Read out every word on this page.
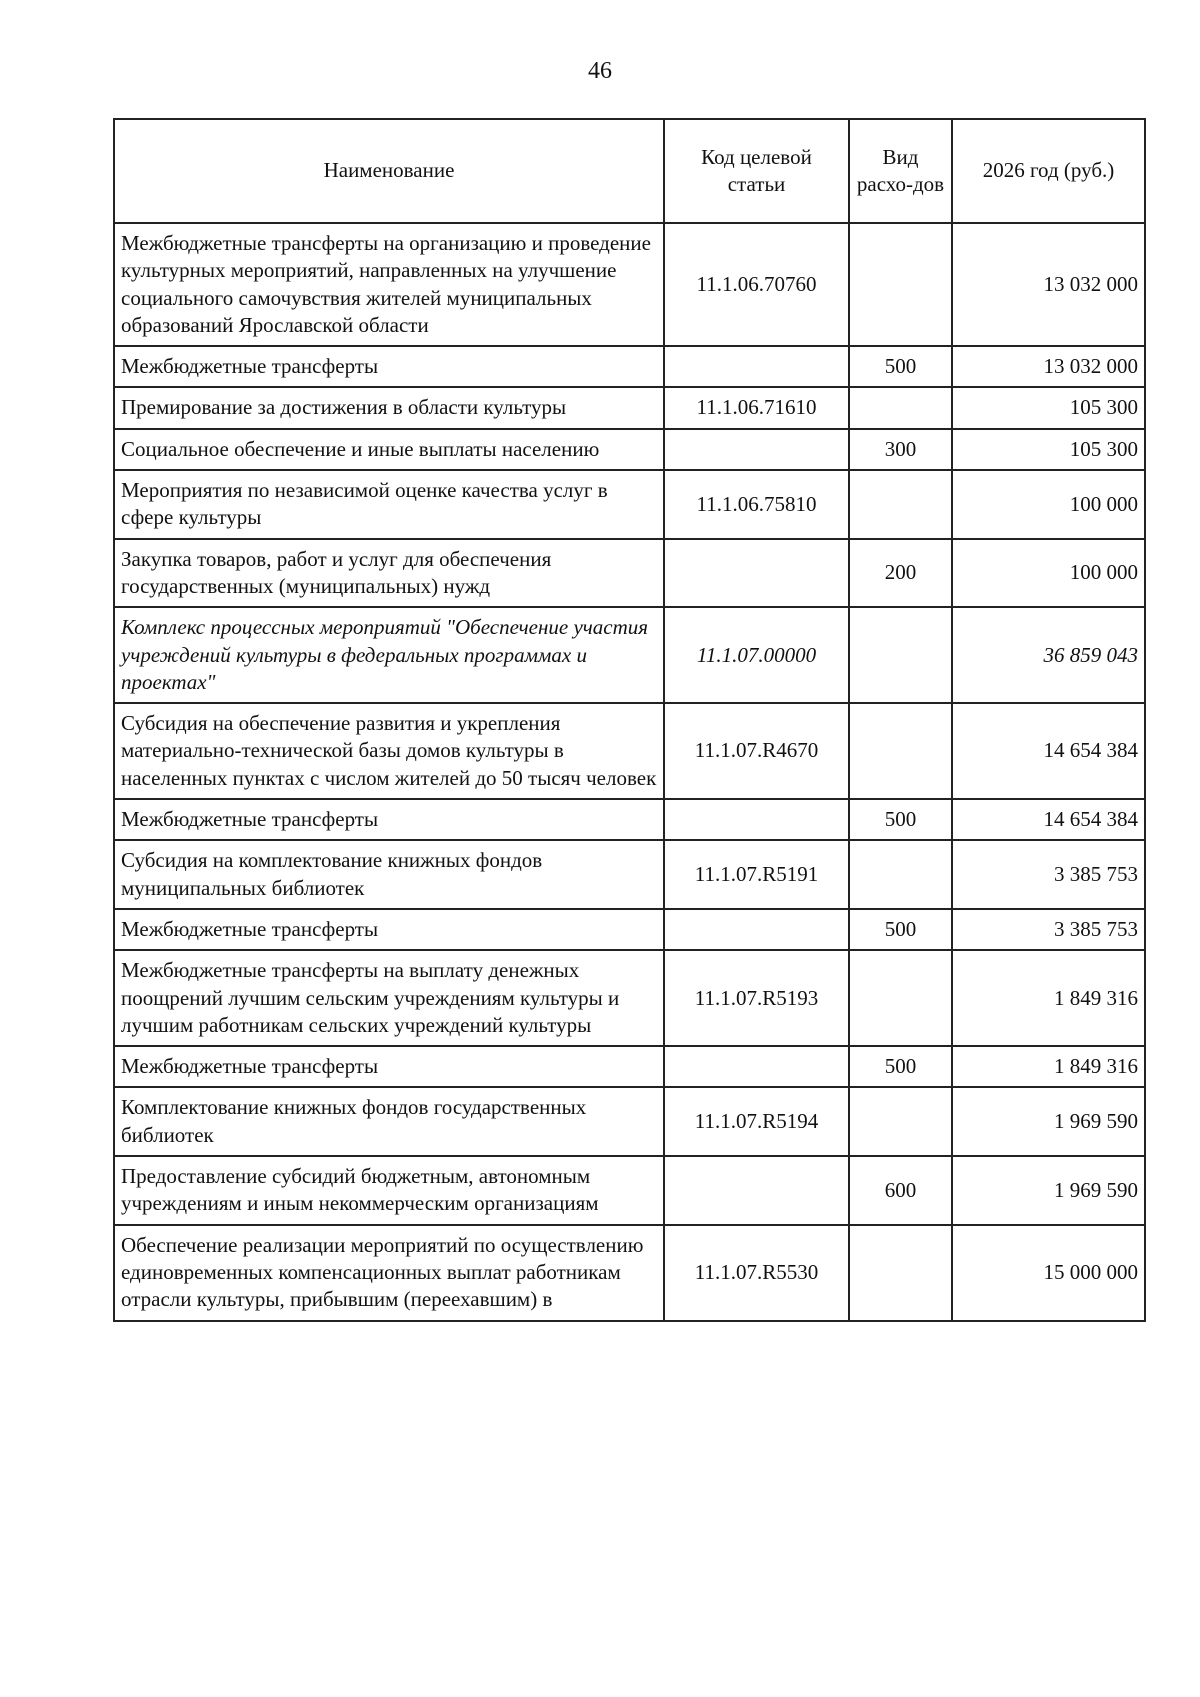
46
Наименование	Код целевой статьи	Вид расхо-дов	2026 год (руб.)
Межбюджетные трансферты на организацию и проведение культурных мероприятий, направленных на улучшение социального самочувствия жителей муниципальных образований Ярославской области	11.1.06.70760		13 032 000
Межбюджетные трансферты		500	13 032 000
Премирование за достижения в области культуры	11.1.06.71610		105 300
Социальное обеспечение и иные выплаты населению		300	105 300
Мероприятия по независимой оценке качества услуг в сфере культуры	11.1.06.75810		100 000
Закупка товаров, работ и услуг для обеспечения государственных (муниципальных) нужд		200	100 000
Комплекс процессных мероприятий "Обеспечение участия учреждений культуры в федеральных программах и проектах"	11.1.07.00000		36 859 043
Субсидия на обеспечение развития и укрепления материально-технической базы домов культуры в населенных пунктах с числом жителей до 50 тысяч человек	11.1.07.R4670		14 654 384
Межбюджетные трансферты		500	14 654 384
Субсидия на комплектование книжных фондов муниципальных библиотек	11.1.07.R5191		3 385 753
Межбюджетные трансферты		500	3 385 753
Межбюджетные трансферты на выплату денежных поощрений лучшим сельским учреждениям культуры и лучшим работникам сельских учреждений культуры	11.1.07.R5193		1 849 316
Межбюджетные трансферты		500	1 849 316
Комплектование книжных фондов государственных библиотек	11.1.07.R5194		1 969 590
Предоставление субсидий бюджетным, автономным учреждениям и иным некоммерческим организациям		600	1 969 590
Обеспечение реализации мероприятий по осуществлению единовременных компенсационных выплат работникам отрасли культуры, прибывшим (переехавшим) в	11.1.07.R5530		15 000 000
